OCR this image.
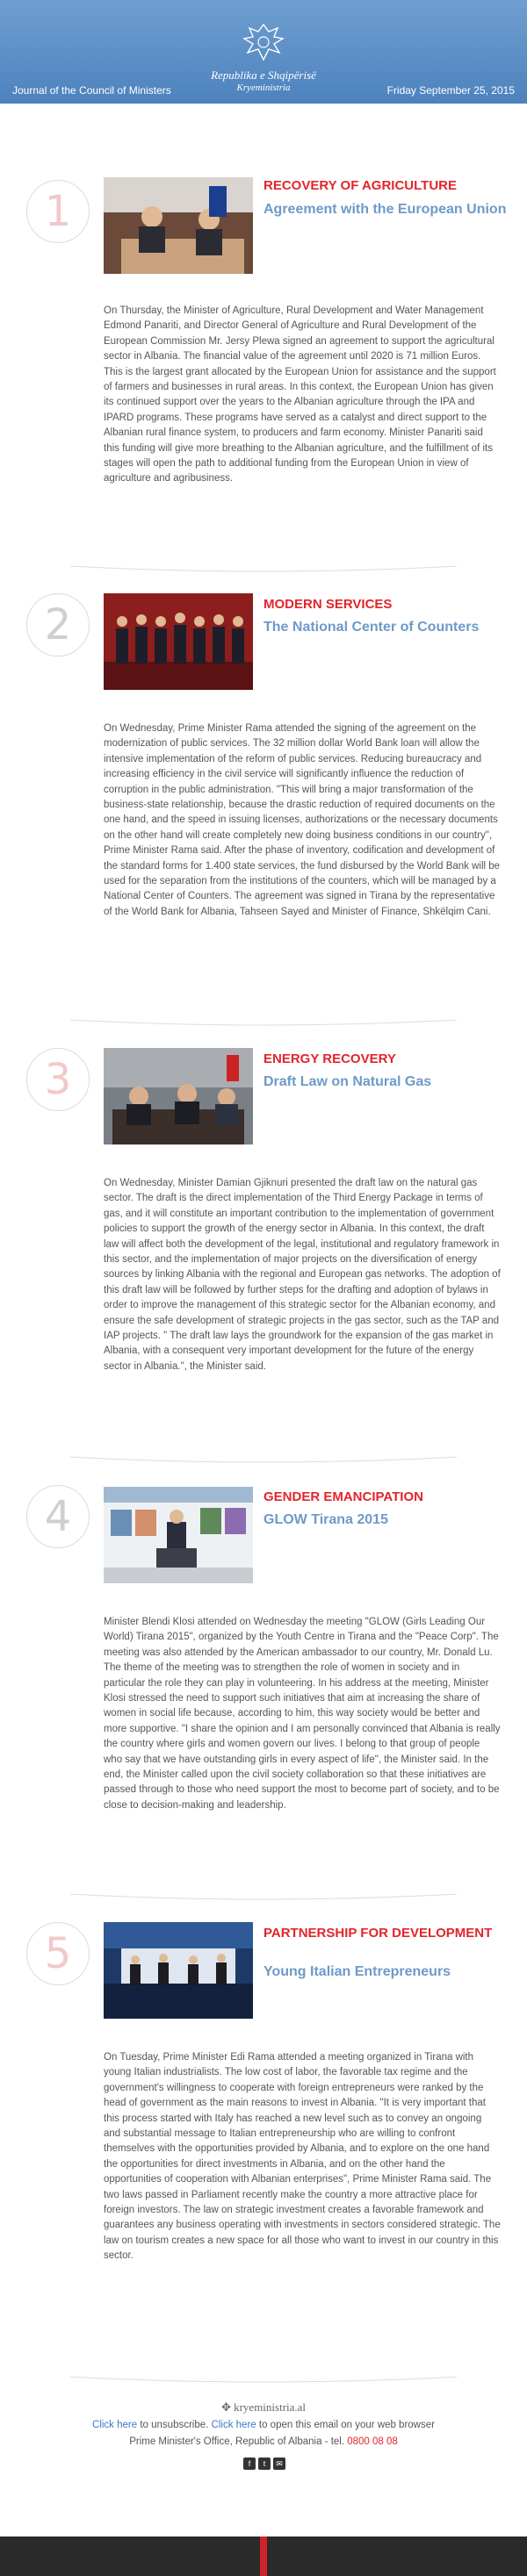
Republika e Shqipërisë
Kryeministria
Journal of the Council of Ministers	Friday September 25, 2015
1
RECOVERY OF AGRICULTURE
Agreement with the European Union
On Thursday, the Minister of Agriculture, Rural Development and Water Management Edmond Panariti, and Director General of Agriculture and Rural Development of the European Commission Mr. Jersy Plewa signed an agreement to support the agricultural sector in Albania. The financial value of the agreement until 2020 is 71 million Euros. This is the largest grant allocated by the European Union for assistance and the support of farmers and businesses in rural areas. In this context, the European Union has given its continued support over the years to the Albanian agriculture through the IPA and IPARD programs. These programs have served as a catalyst and direct support to the Albanian rural finance system, to producers and farm economy. Minister Panariti said this funding will give more breathing to the Albanian agriculture, and the fulfillment of its stages will open the path to additional funding from the European Union in view of agriculture and agribusiness.
2	MODERN SERVICES
The National Center of Counters
On Wednesday, Prime Minister Rama attended the signing of the agreement on the modernization of public services. The 32 million dollar World Bank loan will allow the intensive implementation of the reform of public services. Reducing bureaucracy and increasing efficiency in the civil service will significantly influence the reduction of corruption in the public administration. "This will bring a major transformation of the business-state relationship, because the drastic reduction of required documents on the one hand, and the speed in issuing licenses, authorizations or the necessary documents on the other hand will create completely new doing business conditions in our country", Prime Minister Rama said. After the phase of inventory, codification and development of the standard forms for 1.400 state services, the fund disbursed by the World Bank will be used for the separation from the institutions of the counters, which will be managed by a National Center of Counters. The agreement was signed in Tirana by the representative of the World Bank for Albania, Tahseen Sayed and Minister of Finance, Shkëlqim Cani.
3	ENERGY RECOVERY
Draft Law on Natural Gas
On Wednesday, Minister Damian Gjiknuri presented the draft law on the natural gas sector. The draft is the direct implementation of the Third Energy Package in terms of gas, and it will constitute an important contribution to the implementation of government policies to support the growth of the energy sector in Albania. In this context, the draft law will affect both the development of the legal, institutional and regulatory framework in this sector, and the implementation of major projects on the diversification of energy sources by linking Albania with the regional and European gas networks. The adoption of this draft law will be followed by further steps for the drafting and adoption of bylaws in order to improve the management of this strategic sector for the Albanian economy, and ensure the safe development of strategic projects in the gas sector, such as the TAP and IAP projects. " The draft law lays the groundwork for the expansion of the gas market in Albania, with a consequent very important development for the future of the energy sector in Albania.", the Minister said.
4	GENDER EMANCIPATION
GLOW Tirana 2015
Minister Blendi Klosi attended on Wednesday the meeting "GLOW (Girls Leading Our World) Tirana 2015", organized by the Youth Centre in Tirana and the "Peace Corp". The meeting was also attended by the American ambassador to our country, Mr. Donald Lu. The theme of the meeting was to strengthen the role of women in society and in particular the role they can play in volunteering. In his address at the meeting, Minister Klosi stressed the need to support such initiatives that aim at increasing the share of women in social life because, according to him, this way society would be better and more supportive. "I share the opinion and I am personally convinced that Albania is really the country where girls and women govern our lives. I belong to that group of people who say that we have outstanding girls in every aspect of life", the Minister said. In the end, the Minister called upon the civil society collaboration so that these initiatives are passed through to those who need support the most to become part of society, and to be close to decision-making and leadership.
5	PARTNERSHIP FOR DEVELOPMENT
Young Italian Entrepreneurs
On Tuesday, Prime Minister Edi Rama attended a meeting organized in Tirana with young Italian industrialists. The low cost of labor, the favorable tax regime and the government's willingness to cooperate with foreign entrepreneurs were ranked by the head of government as the main reasons to invest in Albania. "It is very important that this process started with Italy has reached a new level such as to convey an ongoing and substantial message to Italian entrepreneurship who are willing to confront themselves with the opportunities provided by Albania, and to explore on the one hand the opportunities for direct investments in Albania, and on the other hand the opportunities of cooperation with Albanian enterprises", Prime Minister Rama said. The two laws passed in Parliament recently make the country a more attractive place for foreign investors. The law on strategic investment creates a favorable framework and guarantees any business operating with investments in sectors considered strategic. The law on tourism creates a new space for all those who want to invest in our country in this sector.
✥ kryeministria.al
Click here to unsubscribe. Click here to open this email on your web browser
Prime Minister's Office, Republic of Albania - tel. 0800 08 08
f	t	✉
